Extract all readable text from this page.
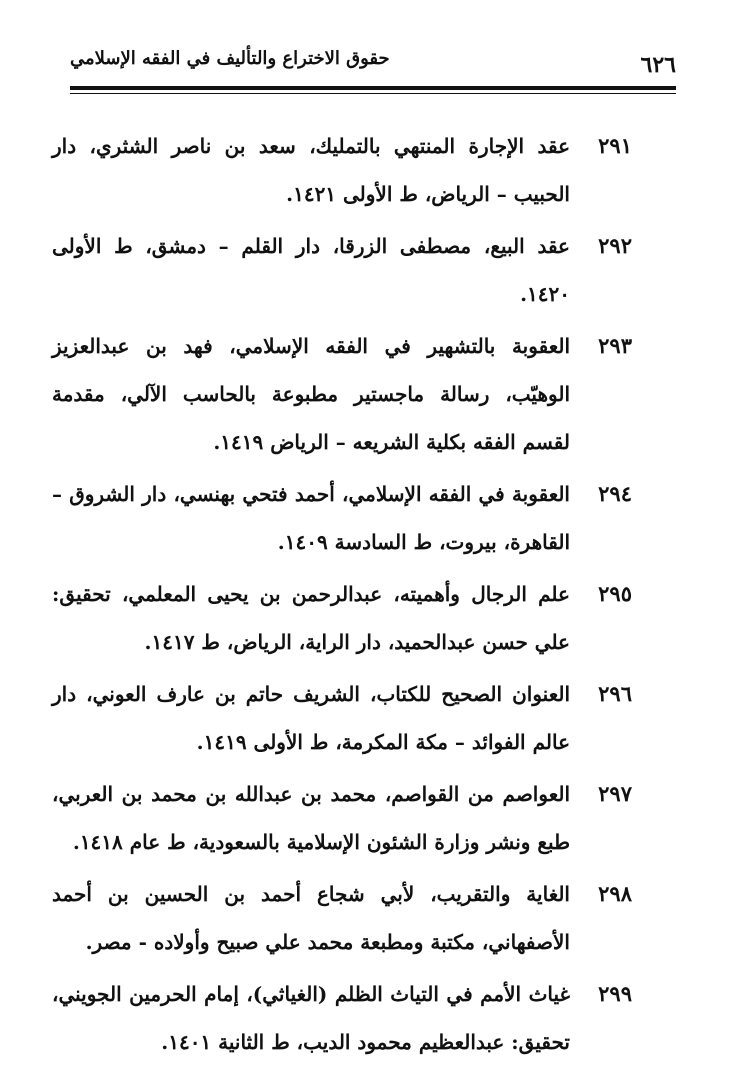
٦٢٦
حقوق الاختراع والتأليف في الفقه الإسلامي
٢٩١
عقد الإجارة المنتهي بالتمليك، سعد بن ناصر الشثري، دار الحبيب – الرياض، ط الأولى ١٤٢١.
٢٩٢
عقد البيع، مصطفى الزرقا، دار القلم – دمشق، ط الأولى ١٤٢٠.
٢٩٣
العقوبة بالتشهير في الفقه الإسلامي، فهد بن عبدالعزيز الوهيّب، رسالة ماجستير مطبوعة بالحاسب الآلي، مقدمة لقسم الفقه بكلية الشريعه – الرياض ١٤١٩.
٢٩٤
العقوبة في الفقه الإسلامي، أحمد فتحي بهنسي، دار الشروق – القاهرة، بيروت، ط السادسة ١٤٠٩.
٢٩٥
علم الرجال وأهميته، عبدالرحمن بن يحيى المعلمي، تحقيق: علي حسن عبدالحميد، دار الراية، الرياض، ط ١٤١٧.
٢٩٦
العنوان الصحيح للكتاب، الشريف حاتم بن عارف العوني، دار عالم الفوائد – مكة المكرمة، ط الأولى ١٤١٩.
٢٩٧
العواصم من القواصم، محمد بن عبدالله بن محمد بن العربي، طبع ونشر وزارة الشئون الإسلامية بالسعودية، ط عام ١٤١٨.
٢٩٨
الغاية والتقريب، لأبي شجاع أحمد بن الحسين بن أحمد الأصفهاني، مكتبة ومطبعة محمد علي صبيح وأولاده - مصر.
٢٩٩
غياث الأمم في التياث الظلم (الغياثي)، إمام الحرمين الجويني، تحقيق: عبدالعظيم محمود الديب، ط الثانية ١٤٠١.
